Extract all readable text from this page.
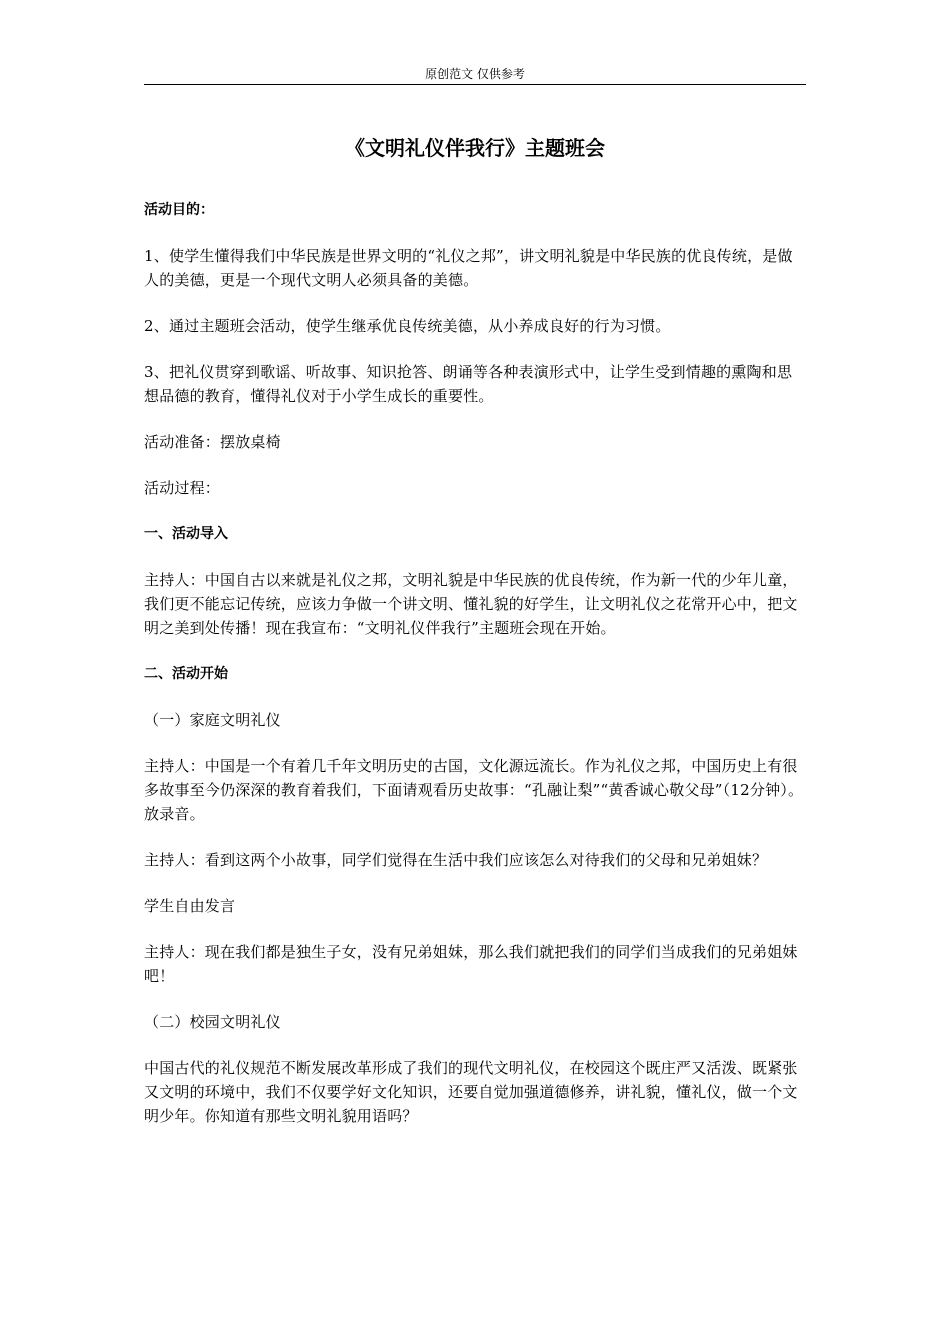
原创范文 仅供参考
《文明礼仪伴我行》主题班会
活动目的：
1、使学生懂得我们中华民族是世界文明的“礼仪之邦”，讲文明礼貌是中华民族的优良传统，是做人的美德，更是一个现代文明人必须具备的美德。
2、通过主题班会活动，使学生继承优良传统美德，从小养成良好的行为习惯。
3、把礼仪贯穿到歌谣、听故事、知识抢答、朗诵等各种表演形式中，让学生受到情趣的熏陶和思想品德的教育，懂得礼仪对于小学生成长的重要性。
活动准备：摆放桌椅
活动过程：
一、活动导入
主持人：中国自古以来就是礼仪之邦，文明礼貌是中华民族的优良传统，作为新一代的少年儿童，我们更不能忘记传统，应该力争做一个讲文明、懂礼貌的好学生，让文明礼仪之花常开心中，把文明之美到处传播！现在我宣布：“文明礼仪伴我行”主题班会现在开始。
二、活动开始
（一）家庭文明礼仪
主持人：中国是一个有着几千年文明历史的古国，文化源远流长。作为礼仪之邦，中国历史上有很多故事至今仍深深的教育着我们，下面请观看历史故事：“孔融让梨”“黄香诚心敬父母”（12分钟）。放录音。
主持人：看到这两个小故事，同学们觉得在生活中我们应该怎么对待我们的父母和兄弟姐妹？
学生自由发言
主持人：现在我们都是独生子女，没有兄弟姐妹，那么我们就把我们的同学们当成我们的兄弟姐妹吧！
（二）校园文明礼仪
中国古代的礼仪规范不断发展改革形成了我们的现代文明礼仪，在校园这个既庄严又活泼、既紧张又文明的环境中，我们不仅要学好文化知识，还要自觉加强道德修养，讲礼貌，懂礼仪，做一个文明少年。你知道有那些文明礼貌用语吗？
